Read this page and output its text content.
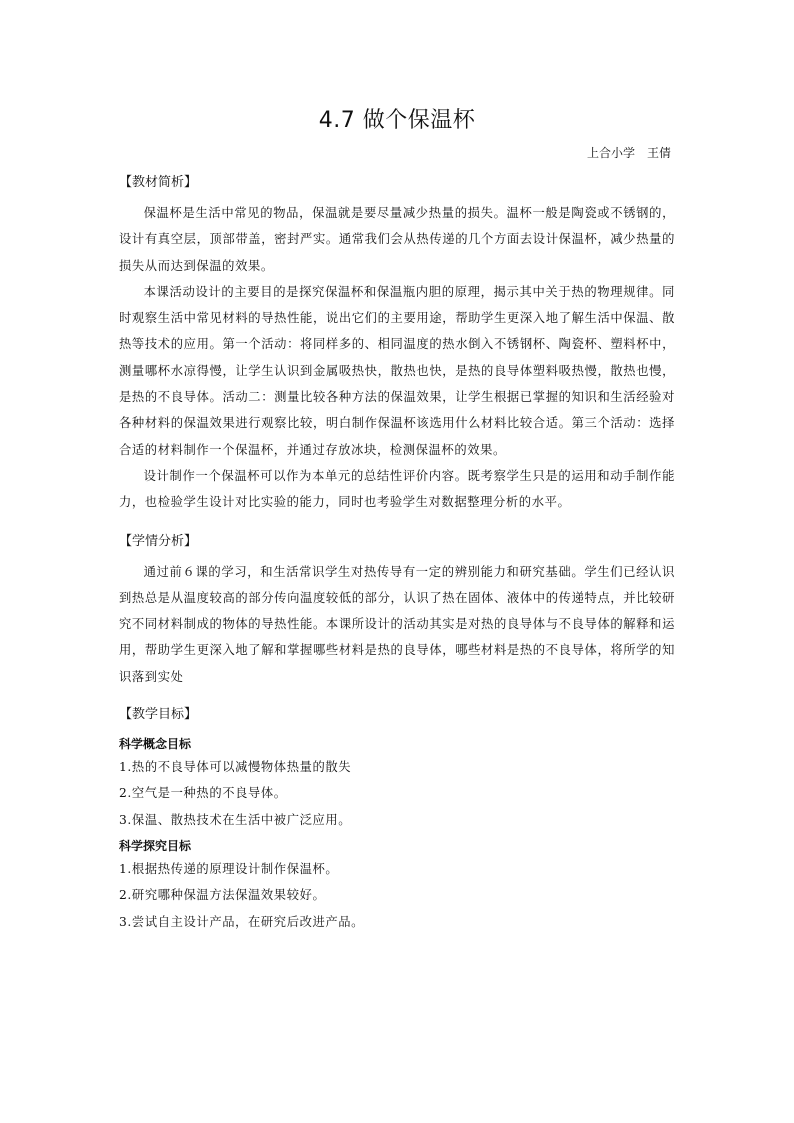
4.7 做个保温杯
上合小学　王倩
【教材简析】

保温杯是生活中常见的物品，保温就是要尽量减少热量的损失。温杯一般是陶瓷或不锈钢的，设计有真空层，顶部带盖，密封严实。通常我们会从热传递的几个方面去设计保温杯，减少热量的损失从而达到保温的效果。

本课活动设计的主要目的是探究保温杯和保温瓶内胆的原理，揭示其中关于热的物理规律。同时观察生活中常见材料的导热性能，说出它们的主要用途，帮助学生更深入地了解生活中保温、散热等技术的应用。第一个活动：将同样多的、相同温度的热水倒入不锈钢杯、陶瓷杯、塑料杯中，测量哪杯水凉得慢，让学生认识到金属吸热快，散热也快，是热的良导体塑料吸热慢，散热也慢，是热的不良导体。活动二：测量比较各种方法的保温效果，让学生根据已掌握的知识和生活经验对各种材料的保温效果进行观察比较，明白制作保温杯该选用什么材料比较合适。第三个活动：选择合适的材料制作一个保温杯，并通过存放冰块，检测保温杯的效果。

设计制作一个保温杯可以作为本单元的总结性评价内容。既考察学生只是的运用和动手制作能力，也检验学生设计对比实验的能力，同时也考验学生对数据整理分析的水平。

【学情分析】

通过前６课的学习，和生活常识学生对热传导有一定的辨别能力和研究基础。学生们已经认识到热总是从温度较高的部分传向温度较低的部分，认识了热在固体、液体中的传递特点，并比较研究不同材料制成的物体的导热性能。本课所设计的活动其实是对热的良导体与不良导体的解释和运用，帮助学生更深入地了解和掌握哪些材料是热的良导体，哪些材料是热的不良导体，将所学的知识落到实处

【教学目标】
科学概念目标
1.热的不良导体可以减慢物体热量的散失
2.空气是一种热的不良导体。
3.保温、散热技术在生活中被广泛应用。
科学探究目标
1.根据热传递的原理设计制作保温杯。
2.研究哪种保温方法保温效果较好。
3.尝试自主设计产品，在研究后改进产品。
